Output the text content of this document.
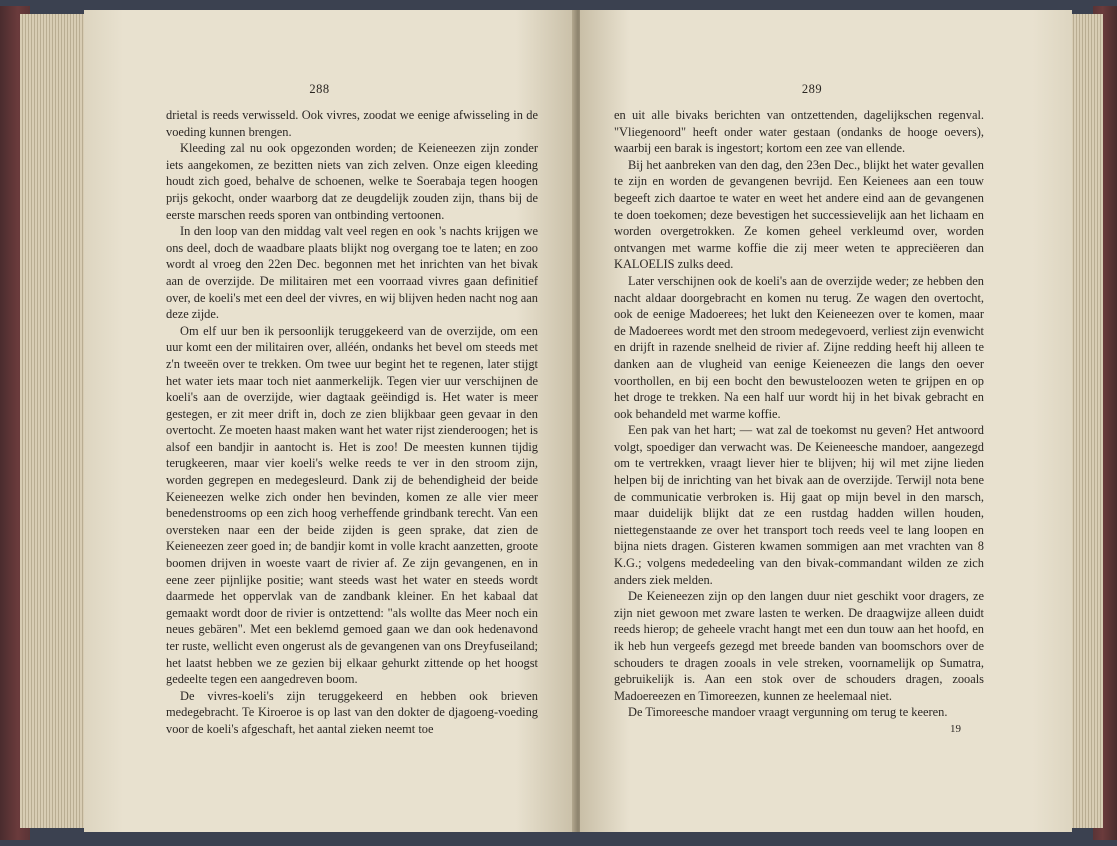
288

drietal is reeds verwisseld. Ook vivres, zoodat we eenige afwisseling in de voeding kunnen brengen.

Kleeding zal nu ook opgezonden worden; de Keieneezen zijn zonder iets aangekomen, ze bezitten niets van zich zelven. Onze eigen kleeding houdt zich goed, behalve de schoenen, welke te Soerabaja tegen hoogen prijs gekocht, onder waarborg dat ze deugdelijk zouden zijn, thans bij de eerste marschen reeds sporen van ontbinding vertoonen.

In den loop van den middag valt veel regen en ook 's nachts krijgen we ons deel, doch de waadbare plaats blijkt nog overgang toe te laten; en zoo wordt al vroeg den 22en Dec. begonnen met het inrichten van het bivak aan de overzijde. De militairen met een voorraad vivres gaan definitief over, de koeli's met een deel der vivres, en wij blijven heden nacht nog aan deze zijde.

Om elf uur ben ik persoonlijk teruggekeerd van de overzijde, om een uur komt een der militairen over, alléén, ondanks het bevel om steeds met z'n tweeën over te trekken. Om twee uur begint het te regenen, later stijgt het water iets maar toch niet aanmerkelijk. Tegen vier uur verschijnen de koeli's aan de overzijde, wier dagtaak geëindigd is. Het water is meer gestegen, er zit meer drift in, doch ze zien blijkbaar geen gevaar in den overtocht. Ze moeten haast maken want het water rijst zienderoogen; het is alsof een bandjir in aantocht is. Het is zoo! De meesten kunnen tijdig terugkeeren, maar vier koeli's welke reeds te ver in den stroom zijn, worden gegrepen en medegesleurd. Dank zij de behendigheid der beide Keieneezen welke zich onder hen bevinden, komen ze alle vier meer benedenstrooms op een zich hoog verheffende grindbank terecht. Van een oversteken naar een der beide zijden is geen sprake, dat zien de Keieneezen zeer goed in; de bandjir komt in volle kracht aanzetten, groote boomen drijven in woeste vaart de rivier af. Ze zijn gevangenen, en in eene zeer pijnlijke positie; want steeds wast het water en steeds wordt daarmede het oppervlak van de zandbank kleiner. En het kabaal dat gemaakt wordt door de rivier is ontzettend: "als wollte das Meer noch ein neues gebären". Met een beklemd gemoed gaan we dan ook hedenavond ter ruste, wellicht even ongerust als de gevangenen van ons Dreyfuseiland; het laatst hebben we ze gezien bij elkaar gehurkt zittende op het hoogst gedeelte tegen een aangedreven boom.

De vivres-koeli's zijn teruggekeerd en hebben ook brieven medegebracht. Te Kiroeroe is op last van den dokter de djagoeng-voeding voor de koeli's afgeschaft, het aantal zieken neemt toe

289

en uit alle bivaks berichten van ontzettenden, dagelijkschen regenval. "Vliegenoord" heeft onder water gestaan (ondanks de hooge oevers), waarbij een barak is ingestort; kortom een zee van ellende.

Bij het aanbreken van den dag, den 23en Dec., blijkt het water gevallen te zijn en worden de gevangenen bevrijd. Een Keienees aan een touw begeeft zich daartoe te water en weet het andere eind aan de gevangenen te doen toekomen; deze bevestigen het successievelijk aan het lichaam en worden overgetrokken. Ze komen geheel verkleumd over, worden ontvangen met warme koffie die zij meer weten te appreciëeren dan KALOELIS zulks deed.

Later verschijnen ook de koeli's aan de overzijde weder; ze hebben den nacht aldaar doorgebracht en komen nu terug. Ze wagen den overtocht, ook de eenige Madoerees; het lukt den Keieneezen over te komen, maar de Madoerees wordt met den stroom medegevoerd, verliest zijn evenwicht en drijft in razende snelheid de rivier af. Zijne redding heeft hij alleen te danken aan de vlugheid van eenige Keieneezen die langs den oever voorthollen, en bij een bocht den bewusteloozen weten te grijpen en op het droge te trekken. Na een half uur wordt hij in het bivak gebracht en ook behandeld met warme koffie.

Een pak van het hart; — wat zal de toekomst nu geven? Het antwoord volgt, spoediger dan verwacht was. De Keieneesche mandoer, aangezegd om te vertrekken, vraagt liever hier te blijven; hij wil met zijne lieden helpen bij de inrichting van het bivak aan de overzijde. Terwijl nota bene de communicatie verbroken is. Hij gaat op mijn bevel in den marsch, maar duidelijk blijkt dat ze een rustdag hadden willen houden, niettegenstaande ze over het transport toch reeds veel te lang loopen en bijna niets dragen. Gisteren kwamen sommigen aan met vrachten van 8 K.G.; volgens mededeeling van den bivak-commandant wilden ze zich anders ziek melden.

De Keieneezen zijn op den langen duur niet geschikt voor dragers, ze zijn niet gewoon met zware lasten te werken. De draagwijze alleen duidt reeds hierop; de geheele vracht hangt met een dun touw aan het hoofd, en ik heb hun vergeefs gezegd met breede banden van boomschors over de schouders te dragen zooals in vele streken, voornamelijk op Sumatra, gebruikelijk is. Aan een stok over de schouders dragen, zooals Madoereezen en Timoreezen, kunnen ze heelemaal niet.

De Timoreesche mandoer vraagt vergunning om terug te keeren.

19
